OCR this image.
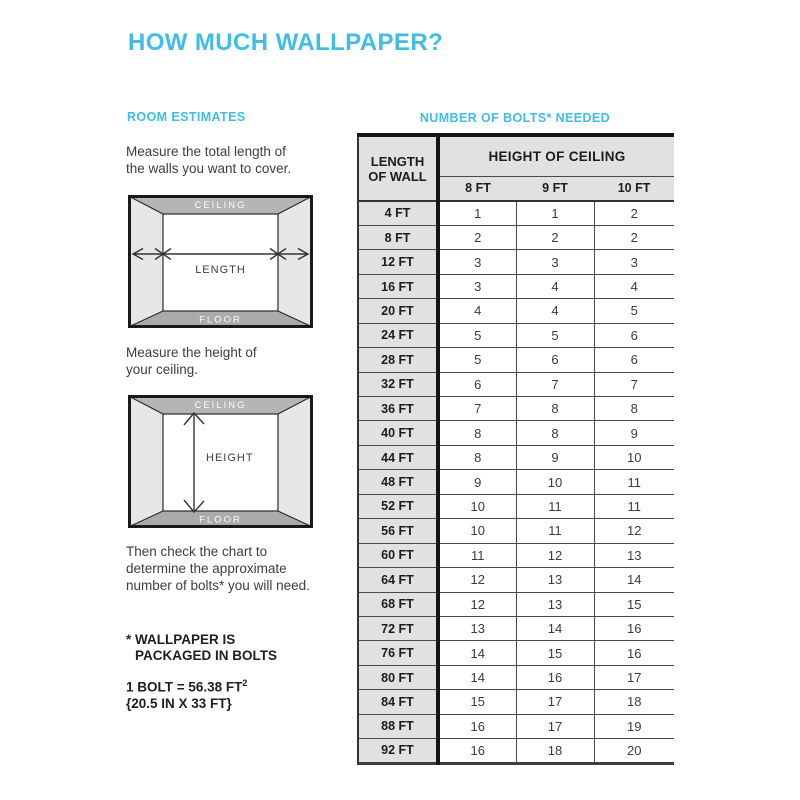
HOW MUCH WALLPAPER?
ROOM ESTIMATES
Measure the total length of
the walls you want to cover.
CEILING
FLOOR
LENGTH
Measure the height of
your ceiling.
CEILING
FLOOR
HEIGHT
Then check the chart to
determine the approximate
number of bolts* you will need.
* WALLPAPER IS
PACKAGED IN BOLTS
1 BOLT = 56.38 $FT^2$
{20.5 IN X 33 FT}
NUMBER OF BOLTS* NEEDED
LENGTH
OF WALL	HEIGHT OF CEILING		
	8 FT	9 FT	10 FT
4 FT	1	1	2
8 FT	2	2	2
12 FT	3	3	3
16 FT	3	4	4
20 FT	4	4	5
24 FT	5	5	6
28 FT	5	6	6
32 FT	6	7	7
36 FT	7	8	8
40 FT	8	8	9
44 FT	8	9	10
48 FT	9	10	11
52 FT	10	11	11
56 FT	10	11	12
60 FT	11	12	13
64 FT	12	13	14
68 FT	12	13	15
72 FT	13	14	16
76 FT	14	15	16
80 FT	14	16	17
84 FT	15	17	18
88 FT	16	17	19
92 FT	16	18	20
